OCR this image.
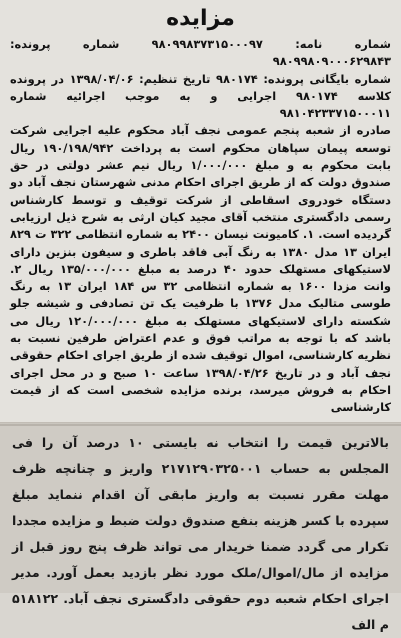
مزایده

شماره نامه: ۹۸۰۹۹۸۳۷۳۱۵۰۰۰۹۷ شماره پرونده: ۹۸۰۹۹۸۰۹۰۰۰۶۲۹۸۴۳

شماره بایگانی پرونده: ۹۸۰۱۷۴ تاریخ تنظیم: ۱۳۹۸/۰۴/۰۶ در پرونده کلاسه ۹۸۰۱۷۴ اجرایی و به موجب اجرائیه شماره ۹۸۱۰۴۲۳۳۷۱۵۰۰۰۱۱

صادره از شعبه پنجم عمومی نجف آباد محکوم علیه اجرایی شرکت توسعه پیمان سپاهان محکوم است به پرداخت ۱۹۰/۱۹۸/۹۴۲ ریال بابت محکوم به و مبلغ ۱/۰۰۰/۰۰۰ ریال نیم عشر دولتی در حق صندوق دولت که از طریق اجرای احکام مدنی شهرستان نجف آباد دو دستگاه خودروی اسقاطی از شرکت توقیف و توسط کارشناس رسمی دادگستری منتخب آقای مجید کیان ارثی به شرح ذیل ارزیابی گردیده است. ۱. کامیونت نیسان ۲۴۰۰ به شماره انتظامی ۳۲۲ ت ۸۲۹ ایران ۱۳ مدل ۱۳۸۰ به رنگ آبی فاقد باطری و سیفون بنزین دارای لاستیکهای مستهلک حدود ۴۰ درصد به مبلغ ۱۳۵/۰۰۰/۰۰۰ ریال ۲. وانت مزدا ۱۶۰۰ به شماره انتظامی ۳۲ س ۱۸۴ ایران ۱۳ به رنگ طوسی متالیک مدل ۱۳۷۶ با ظرفیت یک تن تصادفی و شیشه جلو شکسته دارای لاستیکهای مستهلک به مبلغ ۱۲۰/۰۰۰/۰۰۰ ریال می باشد که با توجه به مراتب فوق و عدم اعتراض طرفین نسبت به نظریه کارشناسی، اموال توقیف شده از طریق اجرای احکام حقوقی نجف آباد و در تاریخ ۱۳۹۸/۰۴/۲۶ ساعت ۱۰ صبح و در محل اجرای احکام به فروش میرسد، برنده مزایده شخصی است که از قیمت کارشناسی

بالاترین قیمت را انتخاب نه بایستی ۱۰ درصد آن را فی المجلس به حساب ۲۱۷۱۲۹۰۳۲۵۰۰۱ واریز و چنانچه ظرف مهلت مقرر نسبت به واریز مابقی آن اقدام ننماید مبلغ سپرده با کسر هزینه بنفع صندوق دولت ضبط و مزایده مجددا تکرار می گردد ضمنا خریدار می تواند ظرف پنج روز قبل از مزایده از مال/اموال/ملک مورد نظر بازدید بعمل آورد. مدیر اجرای احکام شعبه دوم حقوقی دادگستری نجف آباد. ۵۱۸۱۲۲ م الف
